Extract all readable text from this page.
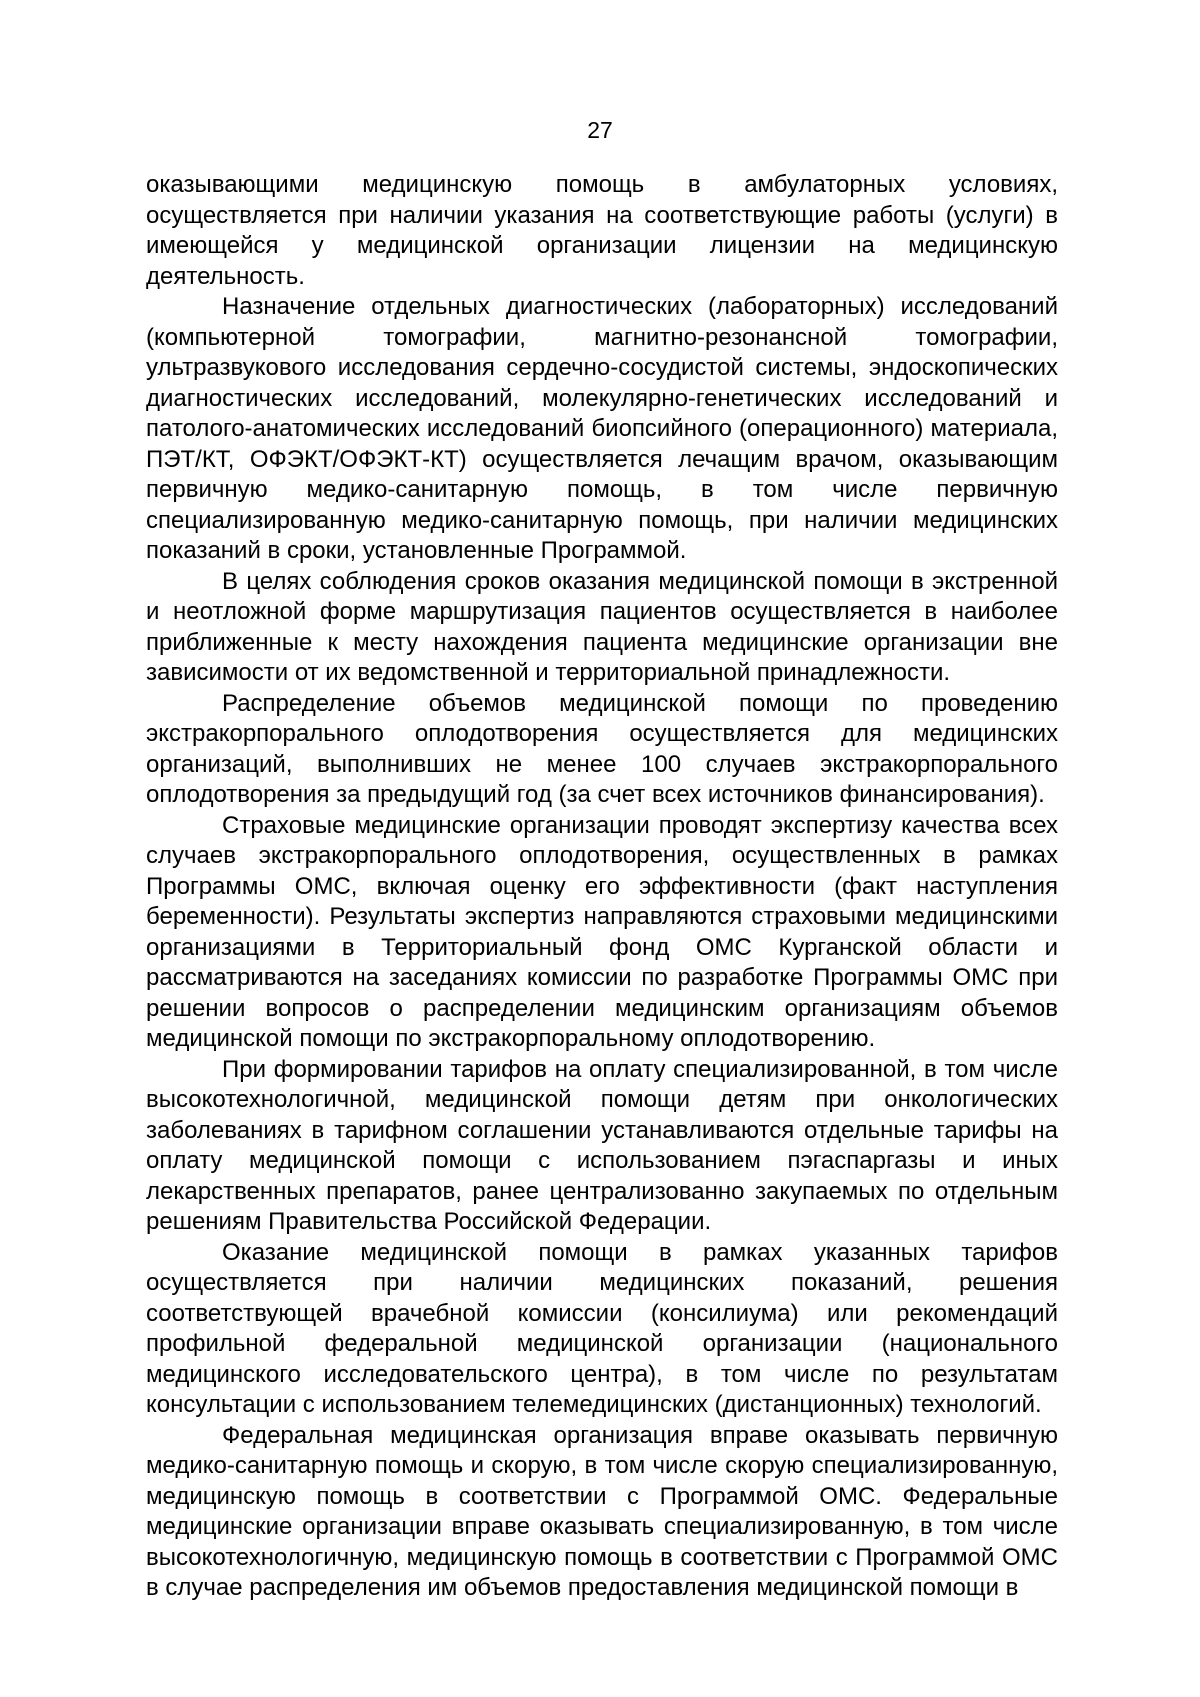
27

оказывающими медицинскую помощь в амбулаторных условиях, осуществляется при наличии указания на соответствующие работы (услуги) в имеющейся у медицинской организации лицензии на медицинскую деятельность.

Назначение отдельных диагностических (лабораторных) исследований (компьютерной томографии, магнитно-резонансной томографии, ультразвукового исследования сердечно-сосудистой системы, эндоскопических диагностических исследований, молекулярно-генетических исследований и патолого-анатомических исследований биопсийного (операционного) материала, ПЭТ/КТ, ОФЭКТ/ОФЭКТ-КТ) осуществляется лечащим врачом, оказывающим первичную медико-санитарную помощь, в том числе первичную специализированную медико-санитарную помощь, при наличии медицинских показаний в сроки, установленные Программой.

В целях соблюдения сроков оказания медицинской помощи в экстренной и неотложной форме маршрутизация пациентов осуществляется в наиболее приближенные к месту нахождения пациента медицинские организации вне зависимости от их ведомственной и территориальной принадлежности.

Распределение объемов медицинской помощи по проведению экстракорпорального оплодотворения осуществляется для медицинских организаций, выполнивших не менее 100 случаев экстракорпорального оплодотворения за предыдущий год (за счет всех источников финансирования).

Страховые медицинские организации проводят экспертизу качества всех случаев экстракорпорального оплодотворения, осуществленных в рамках Программы ОМС, включая оценку его эффективности (факт наступления беременности). Результаты экспертиз направляются страховыми медицинскими организациями в Территориальный фонд ОМС Курганской области и рассматриваются на заседаниях комиссии по разработке Программы ОМС при решении вопросов о распределении медицинским организациям объемов медицинской помощи по экстракорпоральному оплодотворению.

При формировании тарифов на оплату специализированной, в том числе высокотехнологичной, медицинской помощи детям при онкологических заболеваниях в тарифном соглашении устанавливаются отдельные тарифы на оплату медицинской помощи с использованием пэгаспаргазы и иных лекарственных препаратов, ранее централизованно закупаемых по отдельным решениям Правительства Российской Федерации.

Оказание медицинской помощи в рамках указанных тарифов осуществляется при наличии медицинских показаний, решения соответствующей врачебной комиссии (консилиума) или рекомендаций профильной федеральной медицинской организации (национального медицинского исследовательского центра), в том числе по результатам консультации с использованием телемедицинских (дистанционных) технологий.

Федеральная медицинская организация вправе оказывать первичную медико-санитарную помощь и скорую, в том числе скорую специализированную, медицинскую помощь в соответствии с Программой ОМС. Федеральные медицинские организации вправе оказывать специализированную, в том числе высокотехнологичную, медицинскую помощь в соответствии с Программой ОМС в случае распределения им объемов предоставления медицинской помощи в
